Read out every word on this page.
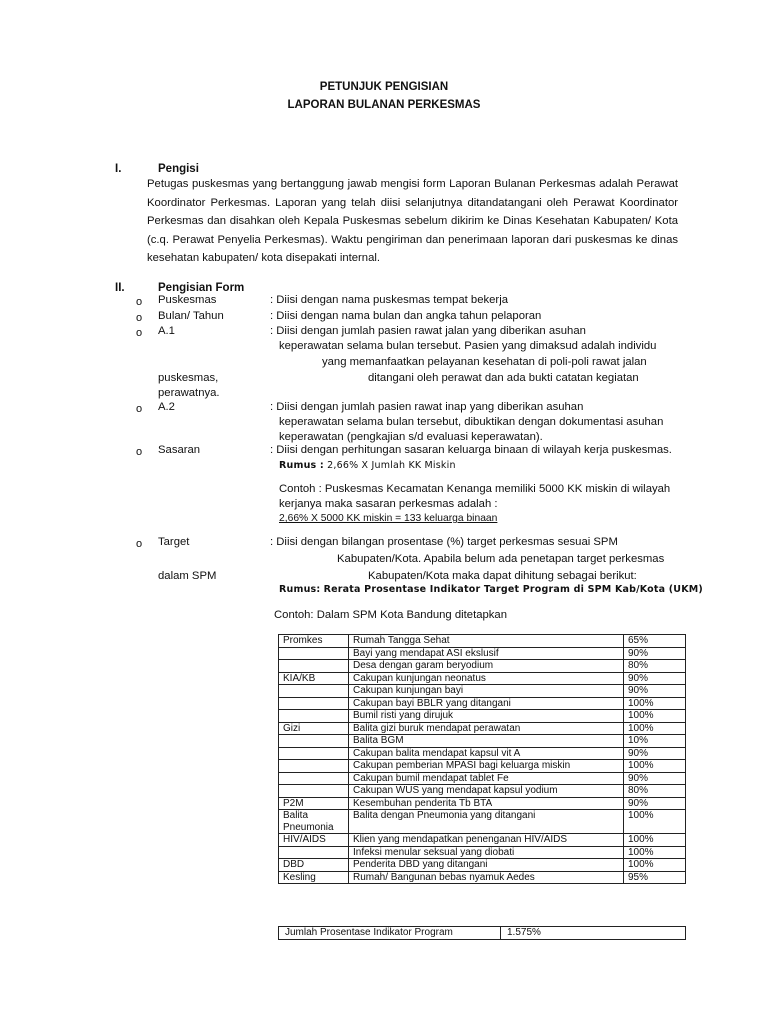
PETUNJUK PENGISIAN
LAPORAN BULANAN PERKESMAS
I.	Pengisi
Petugas puskesmas yang bertanggung jawab mengisi form Laporan Bulanan Perkesmas adalah Perawat
Koordinator Perkesmas. Laporan yang telah diisi selanjutnya ditandatangani oleh Perawat Koordinator
Perkesmas dan disahkan oleh Kepala Puskesmas sebelum dikirim ke Dinas Kesehatan Kabupaten/ Kota
(c.q. Perawat Penyelia Perkesmas). Waktu pengiriman dan penerimaan laporan dari puskesmas ke dinas
kesehatan kabupaten/ kota disepakati internal.
II.	Pengisian Form
o Puskesmas	: Diisi dengan nama puskesmas tempat bekerja
o Bulan/ Tahun	: Diisi dengan nama bulan dan angka tahun pelaporan
o A.1	: Diisi dengan jumlah pasien rawat jalan yang diberikan asuhan
keperawatan selama bulan tersebut. Pasien yang dimaksud adalah individu
yang memanfaatkan pelayanan kesehatan di poli-poli rawat jalan
puskesmas,	ditangani oleh perawat dan ada bukti catatan kegiatan
perawatnya.
o A.2	: Diisi dengan jumlah pasien rawat inap yang diberikan asuhan
keperawatan selama bulan tersebut, dibuktikan dengan dokumentasi asuhan
keperawatan (pengkajian s/d evaluasi keperawatan).
o Sasaran	: Diisi dengan perhitungan sasaran keluarga binaan di wilayah kerja puskesmas.
Rumus : 2,66% X Jumlah KK Miskin
Contoh : Puskesmas Kecamatan Kenanga memiliki 5000 KK miskin di wilayah
kerjanya maka sasaran perkesmas adalah :
2,66% X 5000 KK miskin = 133 keluarga binaan
o Target	: Diisi dengan bilangan prosentase (%) target perkesmas sesuai SPM
Kabupaten/Kota. Apabila belum ada penetapan target perkesmas
dalam SPM	Kabupaten/Kota maka dapat dihitung sebagai berikut:
Rumus: Rerata Prosentase Indikator Target Program di SPM Kab/Kota (UKM)
Contoh: Dalam SPM Kota Bandung ditetapkan
Promkes	Rumah Tangga Sehat	65%
	Bayi yang mendapat ASI ekslusif	90%
	Desa dengan garam beryodium	80%
KIA/KB	Cakupan kunjungan neonatus	90%
	Cakupan kunjungan bayi	90%
	Cakupan bayi BBLR yang ditangani	100%
	Bumil risti yang dirujuk	100%
Gizi	Balita gizi buruk mendapat perawatan	100%
	Balita BGM	10%
	Cakupan balita mendapat kapsul vit A	90%
	Cakupan pemberian MPASI bagi keluarga miskin	100%
	Cakupan bumil mendapat tablet Fe	90%
	Cakupan WUS yang mendapat kapsul yodium	80%
P2M	Kesembuhan penderita Tb BTA	90%
Balita Pneumonia	Balita dengan Pneumonia yang ditangani	100%
HIV/AIDS	Klien yang mendapatkan penenganan HIV/AIDS	100%
	Infeksi menular seksual yang diobati	100%
DBD	Penderita DBD yang ditangani	100%
Kesling	Rumah/ Bangunan bebas nyamuk Aedes	95%
Jumlah Prosentase Indikator Program	1.575%
